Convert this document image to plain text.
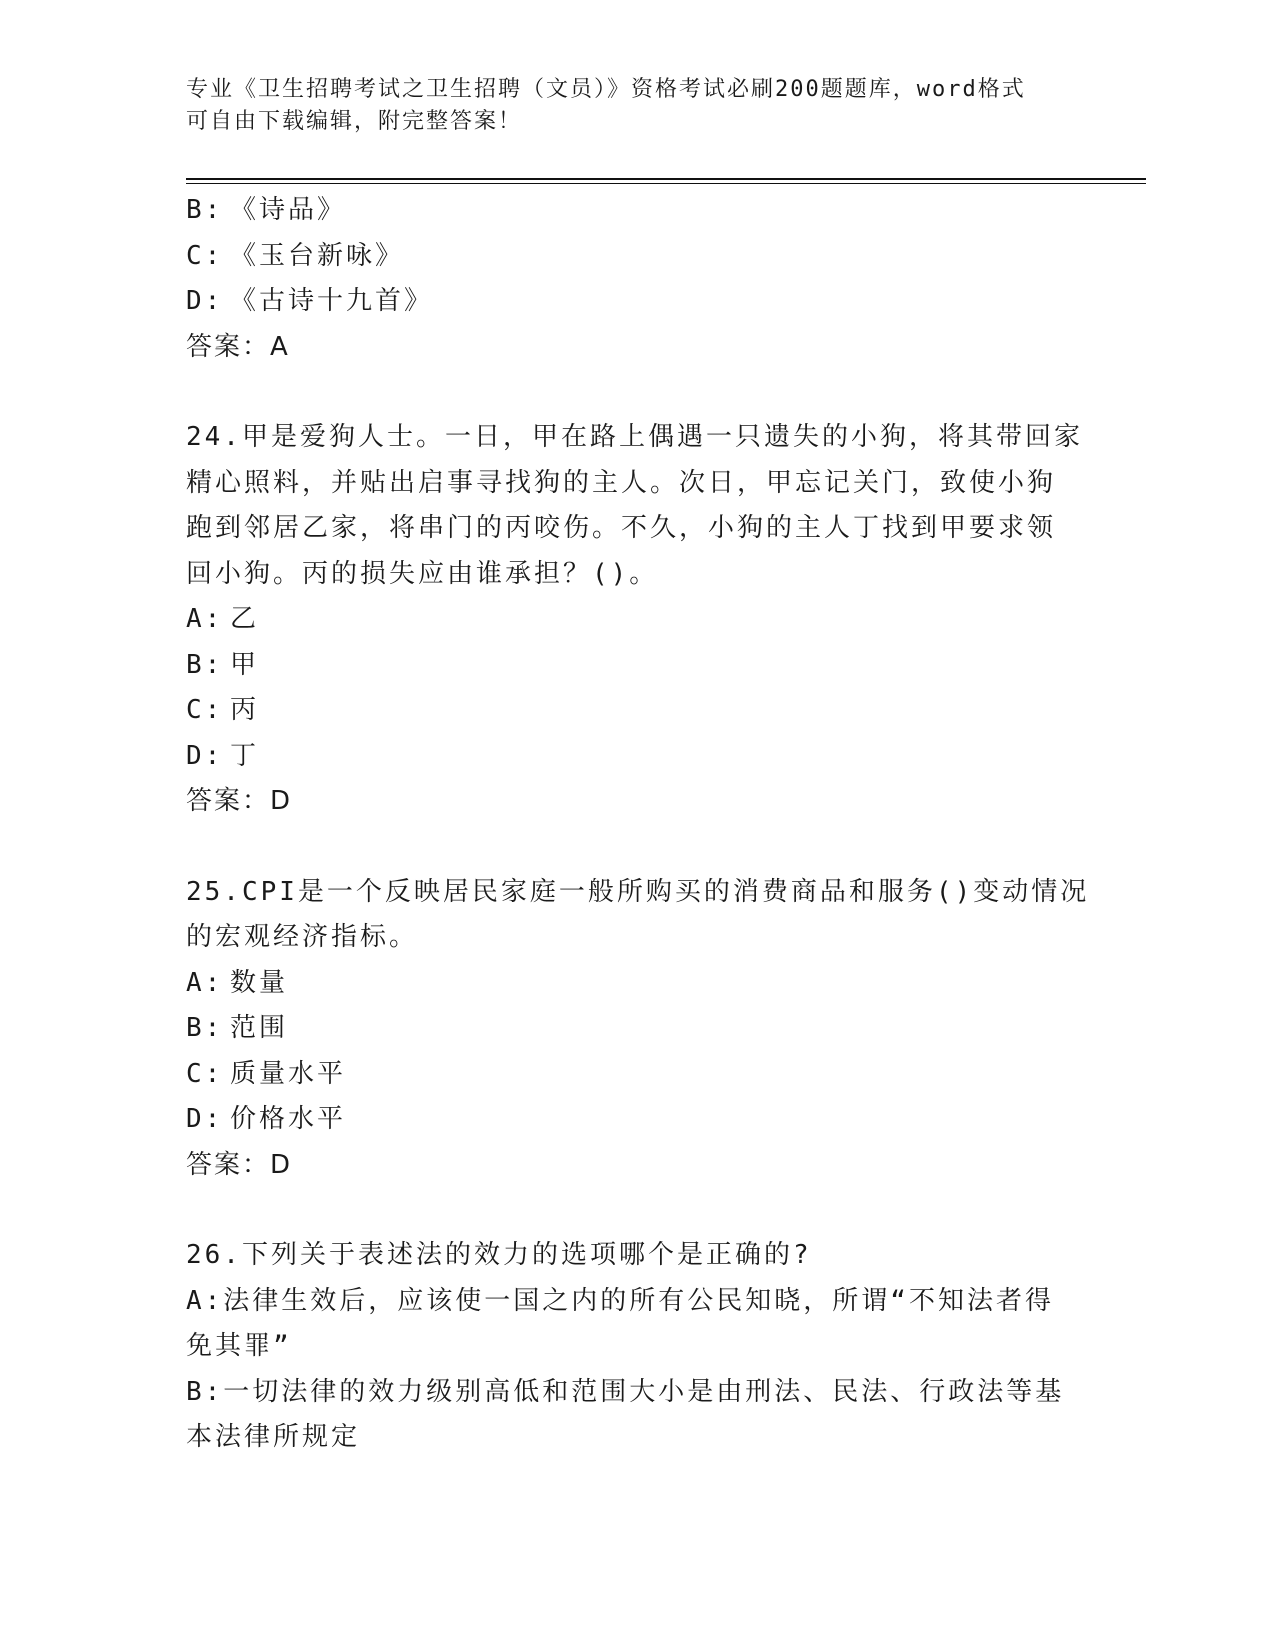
专业《卫生招聘考试之卫生招聘（文员）》资格考试必刷200题题库，word格式
可自由下载编辑，附完整答案！
B: 《诗品》
C: 《玉台新咏》
D: 《古诗十九首》
答案：A
24.甲是爱狗人士。一日，甲在路上偶遇一只遗失的小狗，将其带回家
精心照料，并贴出启事寻找狗的主人。次日，甲忘记关门，致使小狗
跑到邻居乙家，将串门的丙咬伤。不久，小狗的主人丁找到甲要求领
回小狗。丙的损失应由谁承担？()。
A: 乙
B: 甲
C: 丙
D: 丁
答案：D
25.CPI是一个反映居民家庭一般所购买的消费商品和服务()变动情况
的宏观经济指标。
A: 数量
B: 范围
C: 质量水平
D: 价格水平
答案：D
26.下列关于表述法的效力的选项哪个是正确的?
A:法律生效后，应该使一国之内的所有公民知晓，所谓“不知法者得
免其罪”
B:一切法律的效力级别高低和范围大小是由刑法、民法、行政法等基
本法律所规定
